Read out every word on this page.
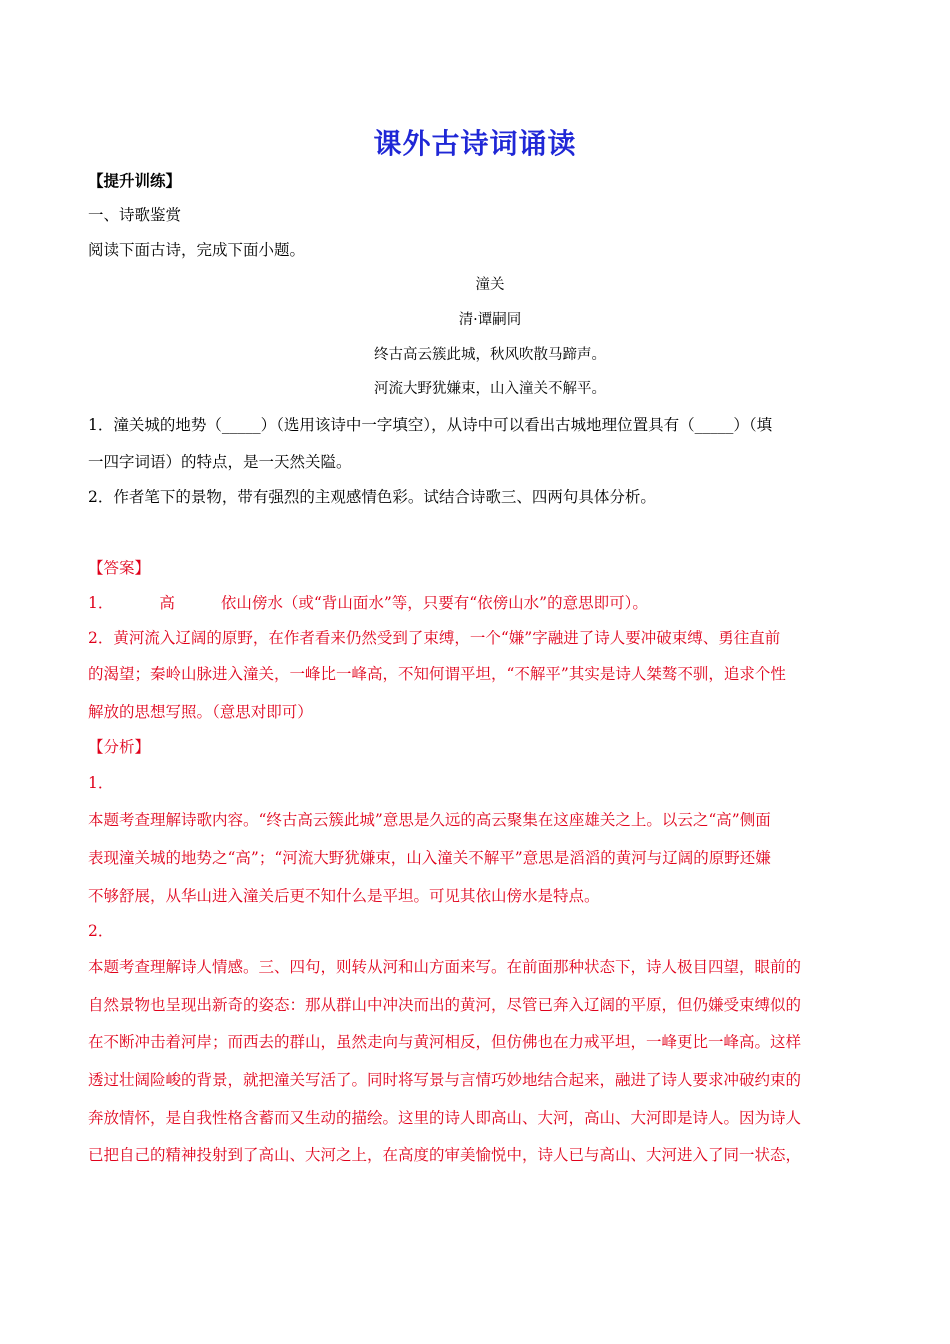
课外古诗词诵读
【提升训练】
一、诗歌鉴赏
阅读下面古诗，完成下面小题。
潼关
清·谭嗣同
终古高云簇此城，秋风吹散马蹄声。
河流大野犹嫌束，山入潼关不解平。
1．潼关城的地势（_____）（选用该诗中一字填空），从诗中可以看出古城地理位置具有（_____）（填
一四字词语）的特点，是一天然关隘。
2．作者笔下的景物，带有强烈的主观感情色彩。试结合诗歌三、四两句具体分析。
【答案】
1．	高	依山傍水（或“背山面水”等，只要有“依傍山水”的意思即可）。
2．黄河流入辽阔的原野，在作者看来仍然受到了束缚，一个“嫌”字融进了诗人要冲破束缚、勇往直前
的渴望；秦岭山脉进入潼关，一峰比一峰高，不知何谓平坦，“不解平”其实是诗人桀骜不驯，追求个性
解放的思想写照。（意思对即可）
【分析】
1．
本题考查理解诗歌内容。“终古高云簇此城”意思是久远的高云聚集在这座雄关之上。以云之“高”侧面
表现潼关城的地势之“高”；“河流大野犹嫌束，山入潼关不解平”意思是滔滔的黄河与辽阔的原野还嫌
不够舒展，从华山进入潼关后更不知什么是平坦。可见其依山傍水是特点。
2．
本题考查理解诗人情感。三、四句，则转从河和山方面来写。在前面那种状态下，诗人极目四望，眼前的
自然景物也呈现出新奇的姿态：那从群山中冲决而出的黄河，尽管已奔入辽阔的平原，但仍嫌受束缚似的
在不断冲击着河岸；而西去的群山，虽然走向与黄河相反，但仿佛也在力戒平坦，一峰更比一峰高。这样
透过壮阔险峻的背景，就把潼关写活了。同时将写景与言情巧妙地结合起来，融进了诗人要求冲破约束的
奔放情怀，是自我性格含蓄而又生动的描绘。这里的诗人即高山、大河，高山、大河即是诗人。因为诗人
已把自己的精神投射到了高山、大河之上，在高度的审美愉悦中，诗人已与高山、大河进入了同一状态，
